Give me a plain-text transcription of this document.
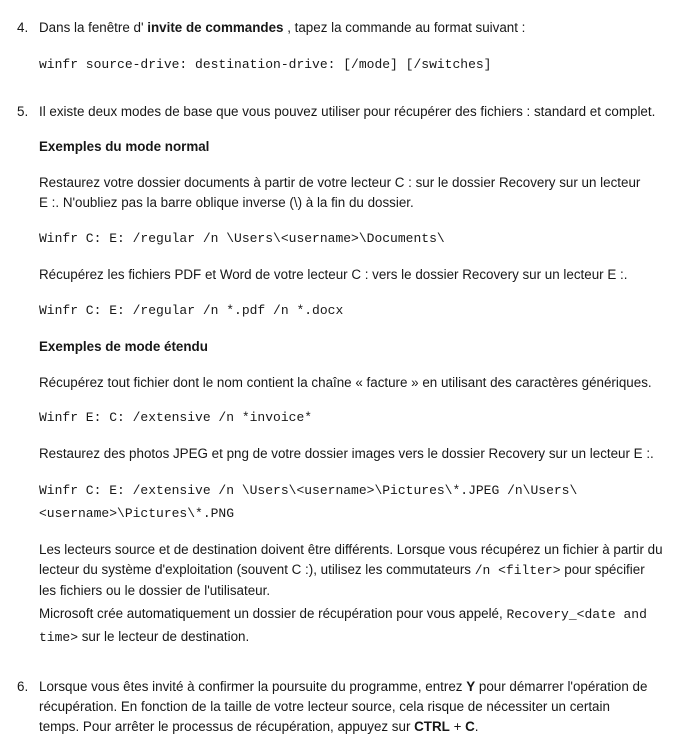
4. Dans la fenêtre d' invite de commandes , tapez la commande au format suivant :

winfr source-drive: destination-drive: [/mode] [/switches]
5. Il existe deux modes de base que vous pouvez utiliser pour récupérer des fichiers : standard et complet.

Exemples du mode normal

Restaurez votre dossier documents à partir de votre lecteur C : sur le dossier Recovery sur un lecteur

E :. N'oubliez pas la barre oblique inverse (\) à la fin du dossier.

Winfr C: E: /regular /n \Users\<username>\Documents\

Récupérez les fichiers PDF et Word de votre lecteur C : vers le dossier Recovery sur un lecteur E :.

Winfr C: E: /regular /n *.pdf /n *.docx

Exemples de mode étendu

Récupérez tout fichier dont le nom contient la chaîne « facture » en utilisant des caractères génériques.

Winfr E: C: /extensive /n *invoice*

Restaurez des photos JPEG et png de votre dossier images vers le dossier Recovery sur un lecteur E :.

Winfr C: E: /extensive /n \Users\<username>\Pictures\*.JPEG /n\Users\
<username>\Pictures\*.PNG

Les lecteurs source et de destination doivent être différents. Lorsque vous récupérez un fichier à partir du

lecteur du système d'exploitation (souvent C :), utilisez les commutateurs /n <filter> pour spécifier

les fichiers ou le dossier de l'utilisateur.

Microsoft crée automatiquement un dossier de récupération pour vous appelé, Recovery_<date and

time> sur le lecteur de destination.

6. Lorsque vous êtes invité à confirmer la poursuite du programme, entrez Y pour démarrer l'opération de

récupération. En fonction de la taille de votre lecteur source, cela risque de nécessiter un certain

temps. Pour arrêter le processus de récupération, appuyez sur CTRL + C.
